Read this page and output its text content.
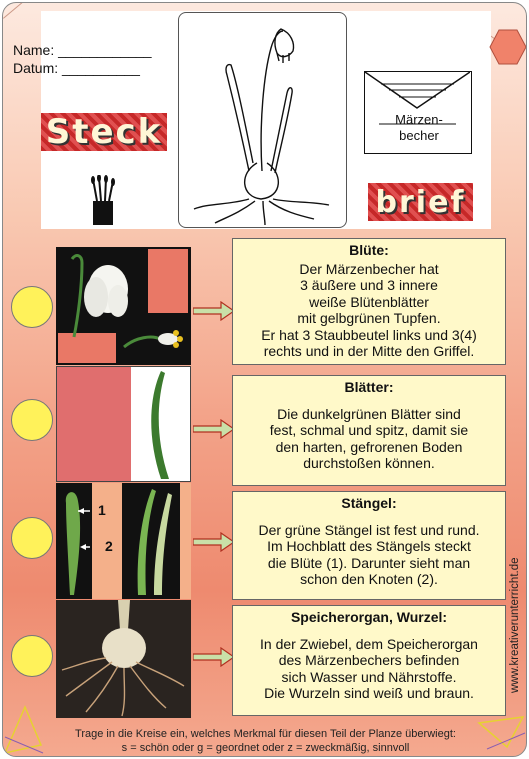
Name: ____________
Datum: __________
Steck	Märzen-
becher
brief
Blüte:
Der Märzenbecher hat
3 äußere und 3 innere
weiße Blütenblätter
mit gelbgrünen Tupfen.
Er hat 3 Staubbeutel links und 3(4)
rechts und in der Mitte den Griffel.
Blätter:
Die dunkelgrünen Blätter sind
fest, schmal und spitz, damit sie
den harten, gefrorenen Boden
durchstoßen können.
1
2
Stängel:
Der grüne Stängel ist fest und rund.
Im Hochblatt des Stängels steckt
die Blüte (1). Darunter sieht man
schon den Knoten (2).
Speicherorgan, Wurzel:
In der Zwiebel, dem Speicherorgan
des Märzenbechers befinden
sich Wasser und Nährstoffe.
Die Wurzeln sind weiß und braun.	www.kreativerunterricht.de
Trage in die Kreise ein, welches Merkmal für diesen Teil der Planze überwiegt:
s = schön oder g = geordnet oder z = zweckmäßig, sinnvoll
